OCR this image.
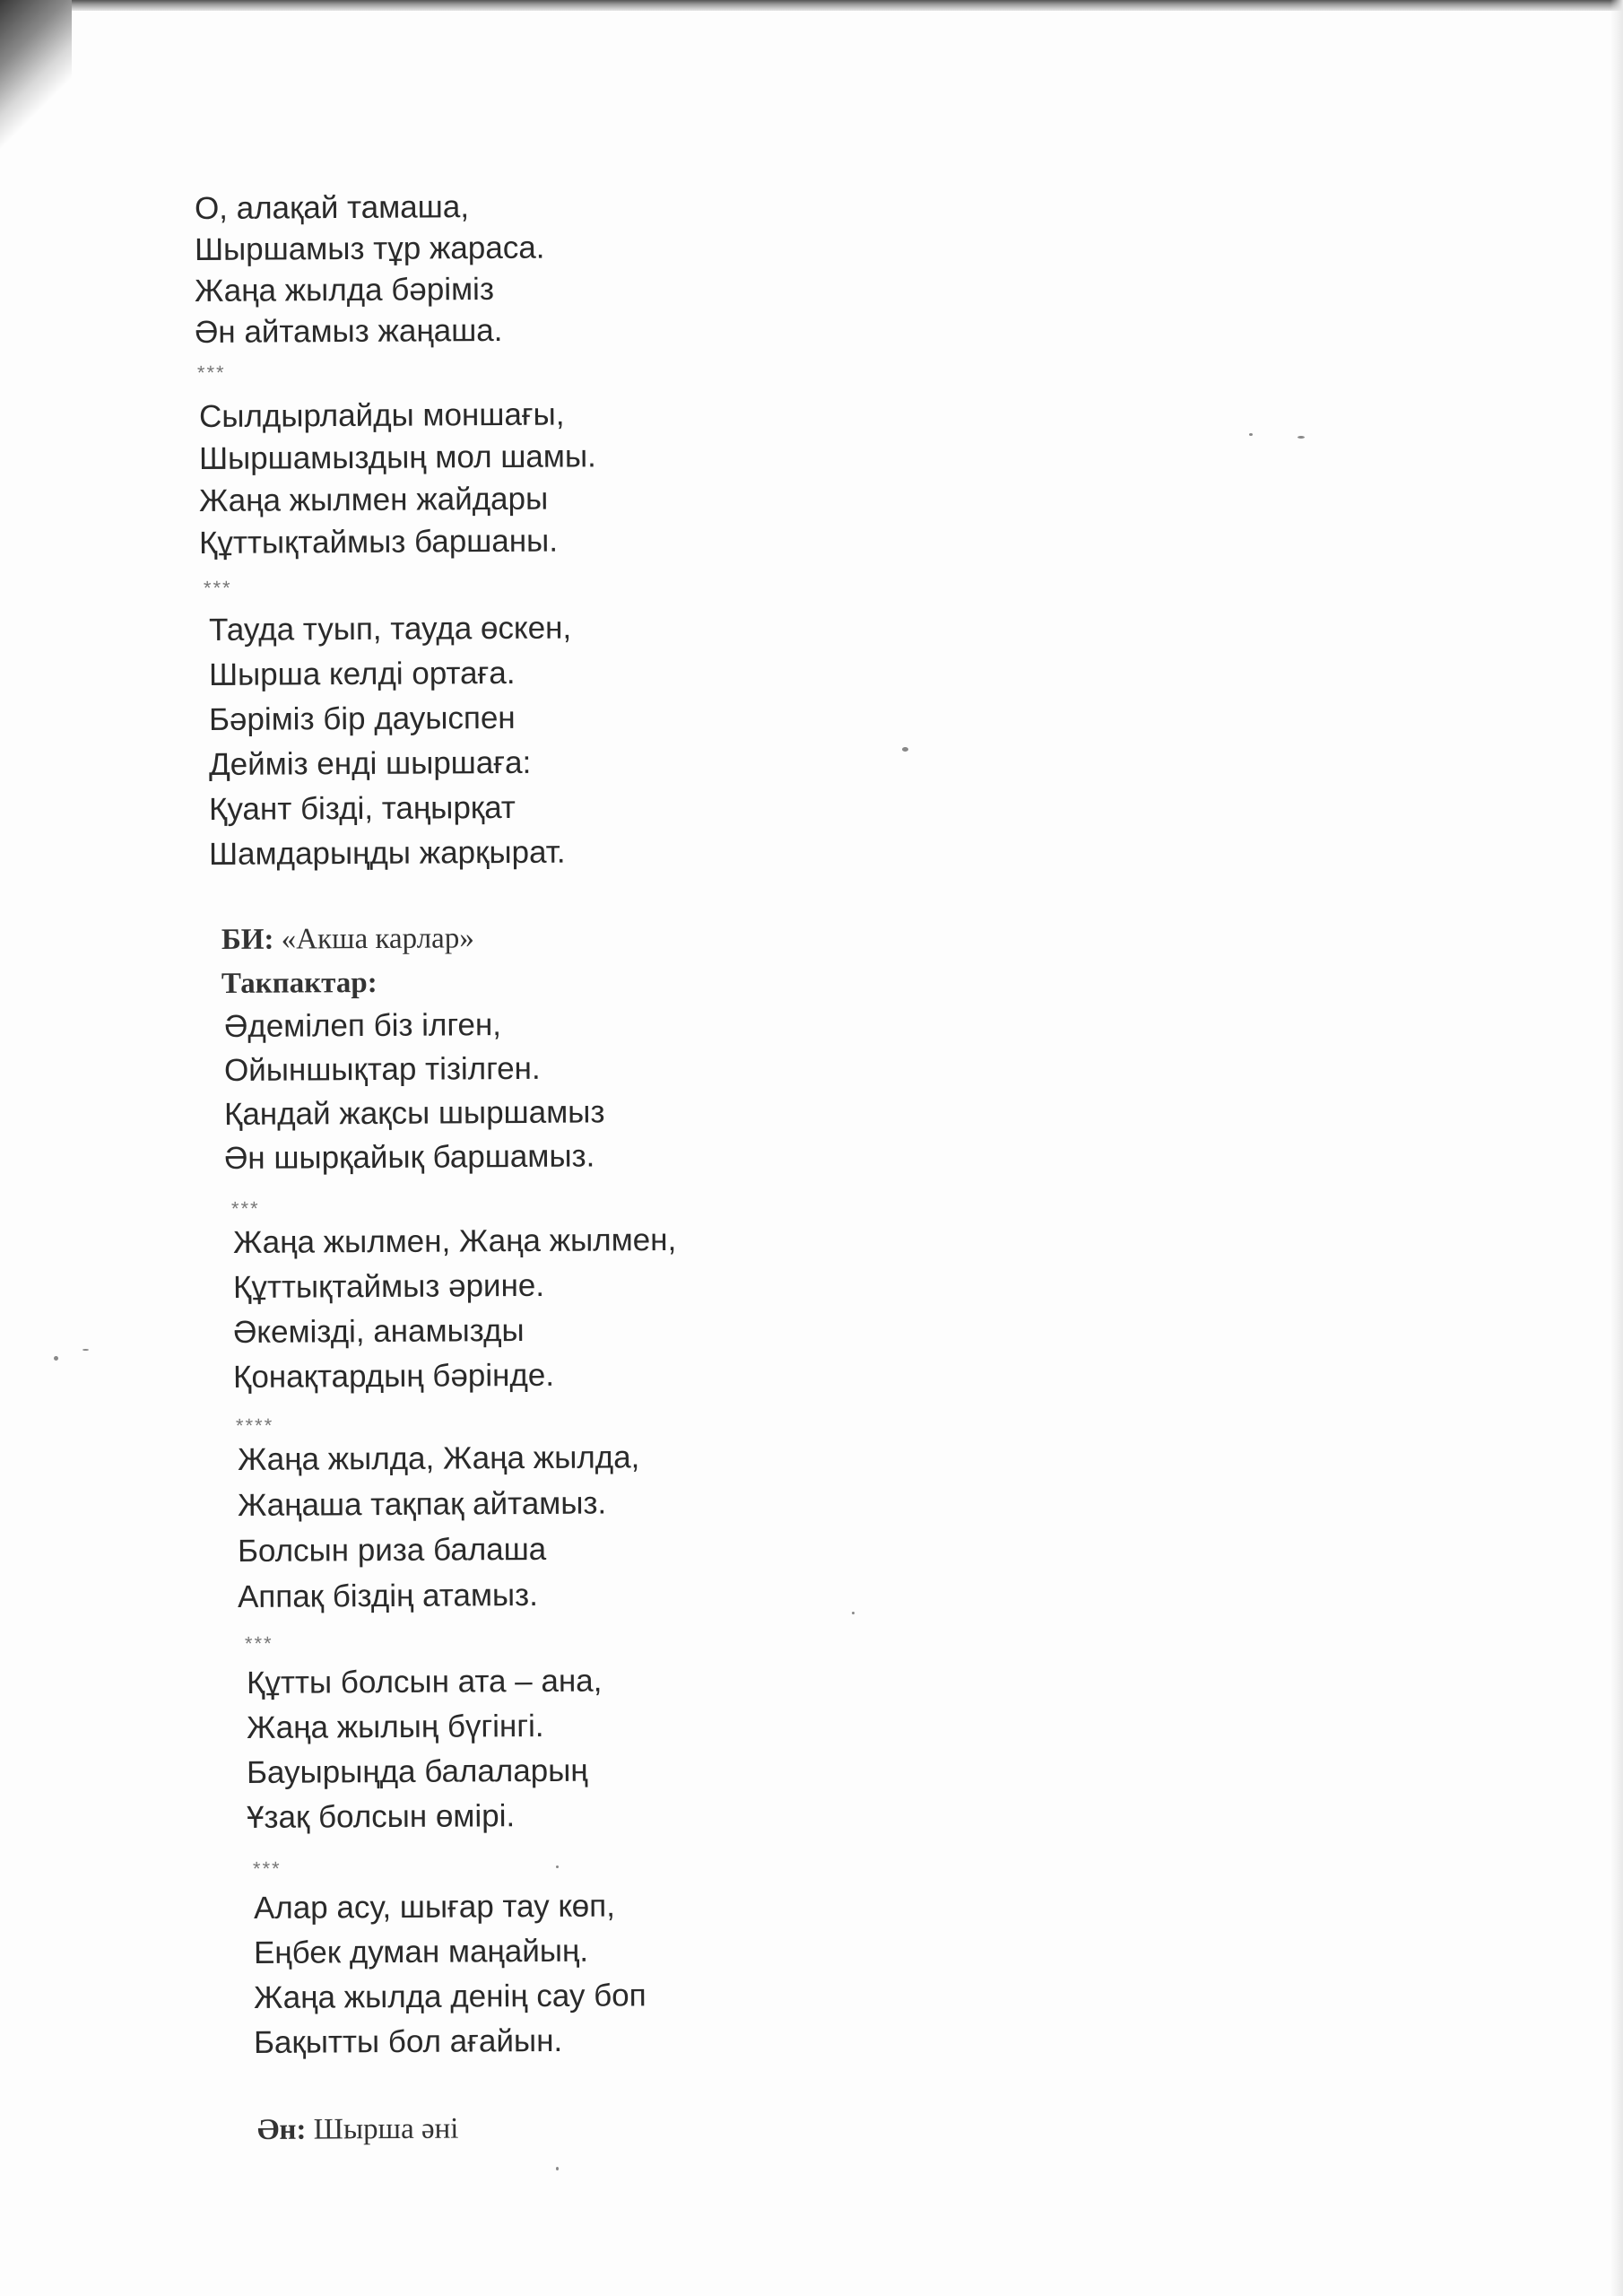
О, алақай тамаша,
Шыршамыз тұр жараса.
Жаңа жылда бәріміз
Ән айтамыз жаңаша.
***
Сылдырлайды моншағы,
Шыршамыздың мол шамы.
Жаңа жылмен жайдары
Құттықтаймыз баршаны.
***
Тауда туып, тауда өскен,
Шырша келді ортаға.
Бәріміз бір дауыспен
Дейміз енді шыршаға:
Қуант бізді, таңырқат
Шамдарыңды жарқырат.
БИ: «Акша карлар»
Такпактар:
Әдемілеп біз ілген,
Ойыншықтар тізілген.
Қандай жақсы шыршамыз
Ән шырқайық баршамыз.
***
Жаңа жылмен, Жаңа жылмен,
Құттықтаймыз әрине.
Әкемізді, анамызды
Қонақтардың бәрінде.
****
Жаңа жылда, Жаңа жылда,
Жаңаша тақпақ айтамыз.
Болсын риза балаша
Аппақ біздің атамыз.
***
Құтты болсын ата – ана,
Жаңа жылың бүгінгі.
Бауырыңда балаларың
Ұзақ болсын өмірі.
***
Алар асу, шығар тау көп,
Еңбек думан маңайың.
Жаңа жылда денің сау боп
Бақытты бол ағайын.
Ән: Шырша әні
